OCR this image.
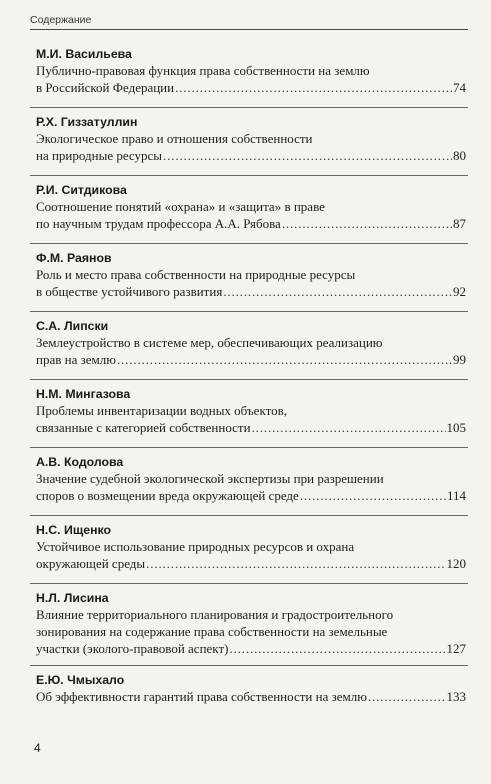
Содержание
М.И. Васильева
Публично-правовая функция права собственности на землю
в Российской Федерации . . .	74
Р.Х. Гиззатуллин
Экологическое право и отношения собственности
на природные ресурсы . . .	80
Р.И. Ситдикова
Соотношение понятий «охрана» и «защита» в праве
по научным трудам профессора А.А. Рябова . . .	87
Ф.М. Раянов
Роль и место права собственности на природные ресурсы
в обществе устойчивого развития . . .	92
С.А. Липски
Землеустройство в системе мер, обеспечивающих реализацию
прав на землю . . .	99
Н.М. Мингазова
Проблемы инвентаризации водных объектов,
связанные с категорией собственности . . .	105
А.В. Кодолова
Значение судебной экологической экспертизы при разрешении
споров о возмещении вреда окружающей среде . . .	114
Н.С. Ищенко
Устойчивое использование природных ресурсов и охрана
окружающей среды . . .	120
Н.Л. Лисина
Влияние территориального планирования и градостроительного
зонирования на содержание права собственности на земельные
участки (эколого-правовой аспект) . . .	127
Е.Ю. Чмыхало
Об эффективности гарантий права собственности на землю . . .	133
4
